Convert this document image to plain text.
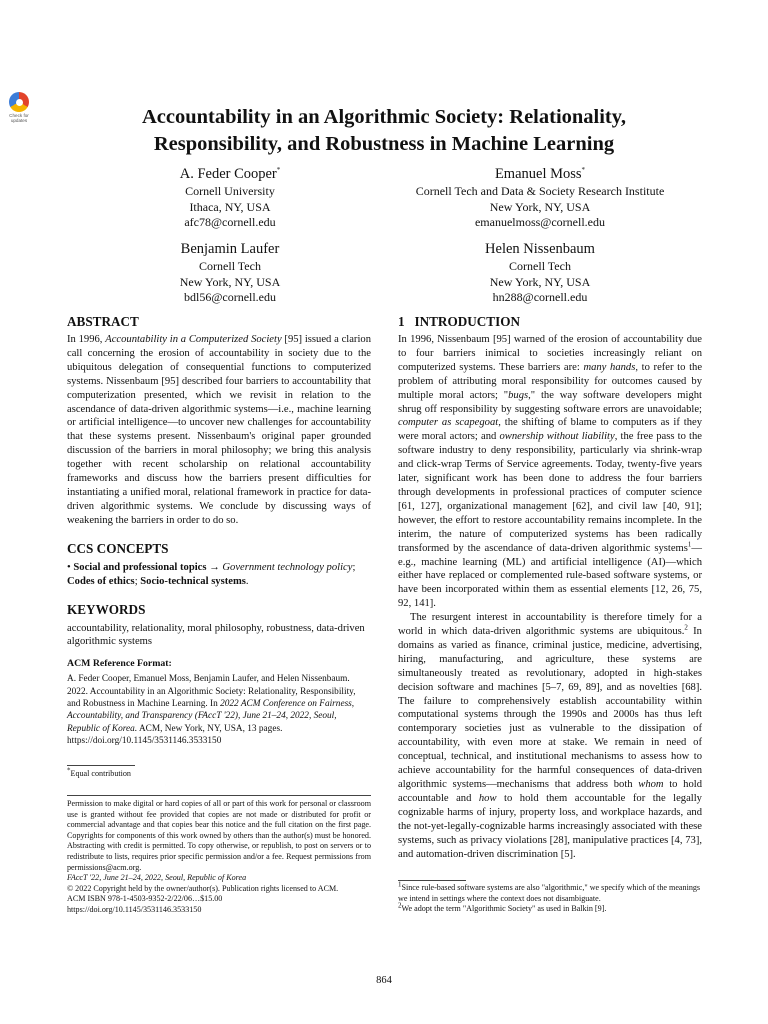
Check for updates	Accountability in an Algorithmic Society: Relationality,
Responsibility, and Robustness in Machine Learning
A. Feder Cooper*
Cornell University
Ithaca, NY, USA
afc78@cornell.edu
Emanuel Moss*
Cornell Tech and Data & Society Research Institute
New York, NY, USA
emanuelmoss@cornell.edu
Benjamin Laufer
Cornell Tech
New York, NY, USA
bdl56@cornell.edu
Helen Nissenbaum
Cornell Tech
New York, NY, USA
hn288@cornell.edu
ABSTRACT

In 1996, Accountability in a Computerized Society [95] issued a clarion call concerning the erosion of accountability in society due to the ubiquitous delegation of consequential functions to computerized systems. Nissenbaum [95] described four barriers to accountability that computerization presented, which we revisit in relation to the ascendance of data-driven algorithmic systems—i.e., machine learning or artificial intelligence—to uncover new challenges for accountability that these systems present. Nissenbaum's original paper grounded discussion of the barriers in moral philosophy; we bring this analysis together with recent scholarship on relational accountability frameworks and discuss how the barriers present difficulties for instantiating a unified moral, relational framework in practice for data-driven algorithmic systems. We conclude by discussing ways of weakening the barriers in order to do so.

CCS CONCEPTS

• Social and professional topics → Government technology policy; Codes of ethics; Socio-technical systems.

KEYWORDS

accountability, relationality, moral philosophy, robustness, data-driven algorithmic systems

ACM Reference Format:

A. Feder Cooper, Emanuel Moss, Benjamin Laufer, and Helen Nissenbaum. 2022. Accountability in an Algorithmic Society: Relationality, Responsibility, and Robustness in Machine Learning. In 2022 ACM Conference on Fairness, Accountability, and Transparency (FAccT '22), June 21–24, 2022, Seoul, Republic of Korea. ACM, New York, NY, USA, 13 pages. https://doi.org/10.1145/3531146.3533150

*Equal contribution

Permission to make digital or hard copies of all or part of this work for personal or classroom use is granted without fee provided that copies are not made or distributed for profit or commercial advantage and that copies bear this notice and the full citation on the first page. Copyrights for components of this work owned by others than the author(s) must be honored. Abstracting with credit is permitted. To copy otherwise, or republish, to post on servers or to redistribute to lists, requires prior specific permission and/or a fee. Request permissions from permissions@acm.org.

FAccT '22, June 21–24, 2022, Seoul, Republic of Korea

© 2022 Copyright held by the owner/author(s). Publication rights licensed to ACM.

ACM ISBN 978-1-4503-9352-2/22/06…$15.00

https://doi.org/10.1145/3531146.3533150

1   INTRODUCTION

In 1996, Nissenbaum [95] warned of the erosion of accountability due to four barriers inimical to societies increasingly reliant on computerized systems. These barriers are: many hands, to refer to the problem of attributing moral responsibility for outcomes caused by multiple moral actors; "bugs," the way software developers might shrug off responsibility by suggesting software errors are unavoidable; computer as scapegoat, the shifting of blame to computers as if they were moral actors; and ownership without liability, the free pass to the software industry to deny responsibility, particularly via shrink-wrap and click-wrap Terms of Service agreements. Today, twenty-five years later, significant work has been done to address the four barriers through developments in professional practices of computer science [61, 127], organizational management [62], and civil law [40, 91]; however, the effort to restore accountability remains incomplete. In the interim, the nature of computerized systems has been radically transformed by the ascendance of data-driven algorithmic systems$^1$—e.g., machine learning (ML) and artificial intelligence (AI)—which either have replaced or complemented rule-based software systems, or have been incorporated within them as essential elements [12, 26, 75, 92, 141].

The resurgent interest in accountability is therefore timely for a world in which data-driven algorithmic systems are ubiquitous.$^2$ In domains as varied as finance, criminal justice, medicine, advertising, hiring, manufacturing, and agriculture, these systems are simultaneously treated as revolutionary, adopted in high-stakes decision software and machines [5–7, 69, 89], and as novelties [68]. The failure to comprehensively establish accountability within computational systems through the 1990s and 2000s has thus left contemporary societies just as vulnerable to the dissipation of accountability, with even more at stake. We remain in need of conceptual, technical, and institutional mechanisms to assess how to achieve accountability for the harmful consequences of data-driven algorithmic systems—mechanisms that address both whom to hold accountable and how to hold them accountable for the legally cognizable harms of injury, property loss, and workplace hazards, and the not-yet-legally-cognizable harms increasingly associated with these systems, such as privacy violations [28], manipulative practices [4, 73], and automation-driven discrimination [5].

$^1$Since rule-based software systems are also "algorithmic," we specify which of the meanings we intend in settings where the context does not disambiguate.

$^2$We adopt the term "Algorithmic Society" as used in Balkin [9].

864
